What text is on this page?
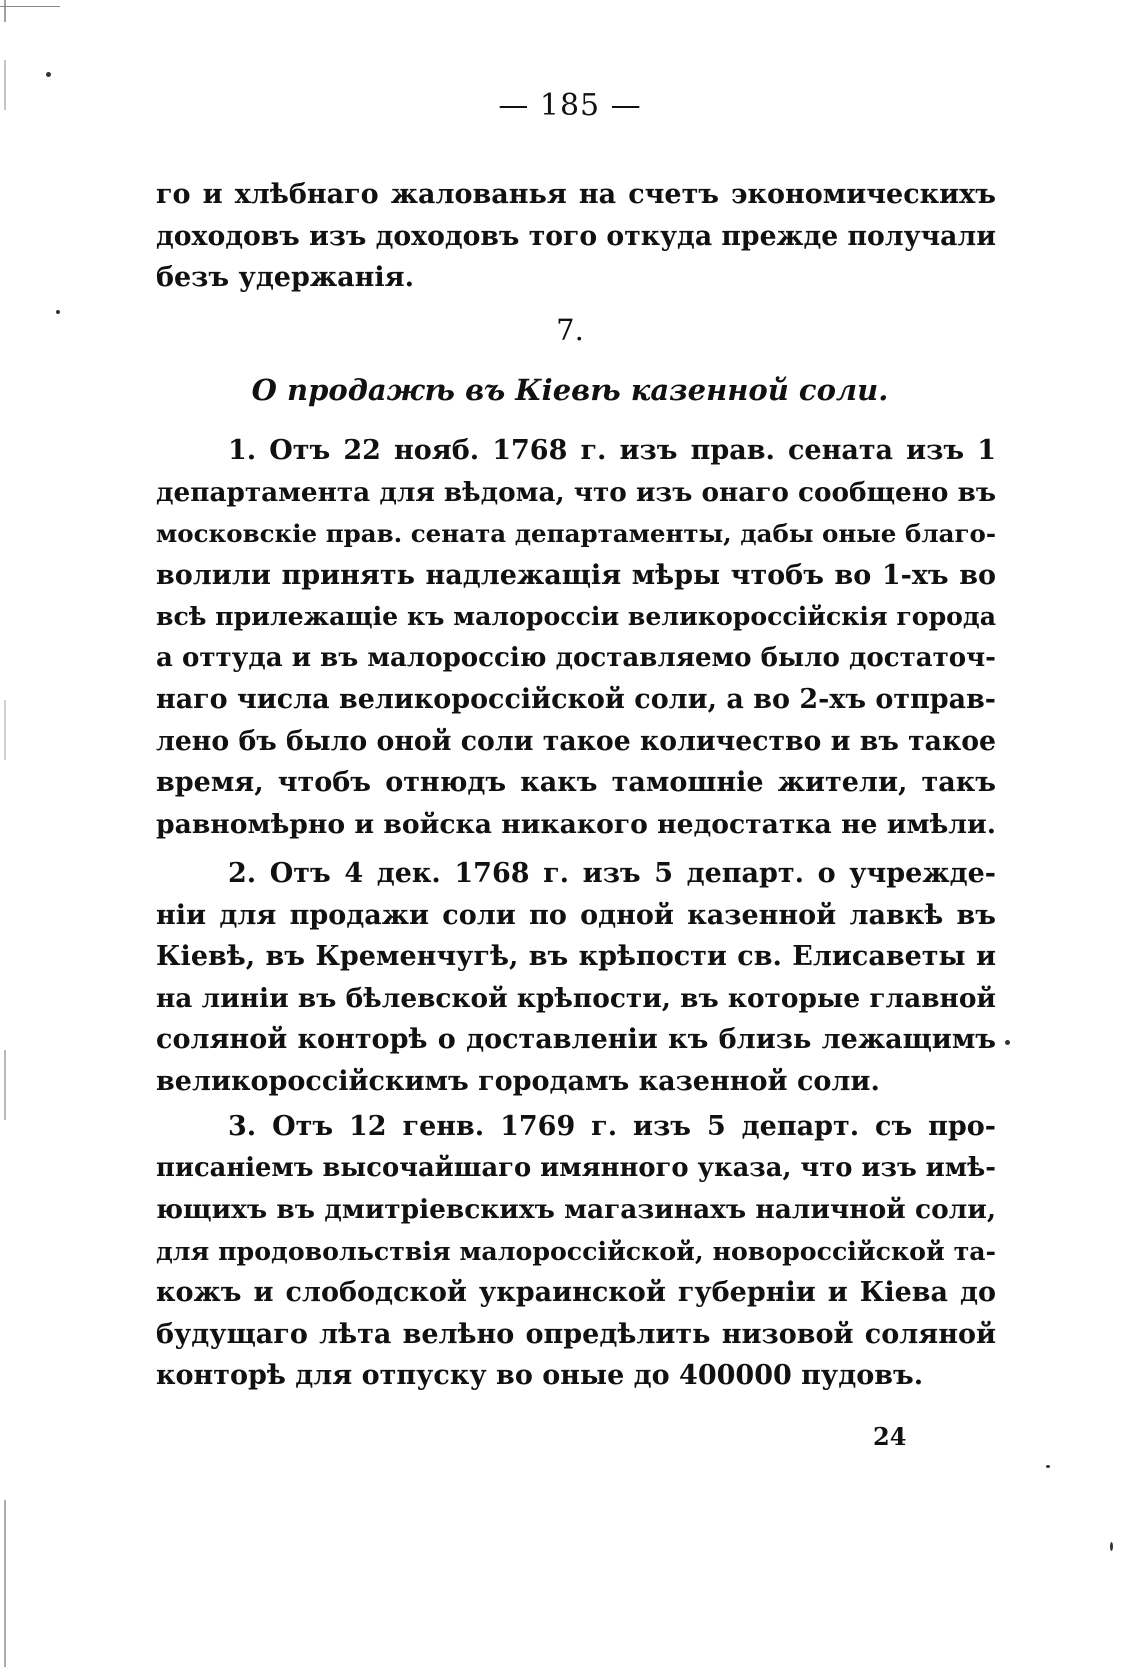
— 185 —
го и хлѣбнаго жалованья на счетъ экономическихъ
доходовъ изъ доходовъ того откуда прежде получали
безъ удержанія.
7.
О продажѣ въ Кіевѣ казенной соли.
1. Отъ 22 нояб. 1768 г. изъ прав. сената изъ 1
департамента для вѣдома, что изъ онаго сообщено въ
московскіе прав. сената департаменты, дабы оные благо-
волили принять надлежащія мѣры чтобъ во 1-хъ во
всѣ прилежащіе къ малороссіи великороссійскія города
а оттуда и въ малороссію доставляемо было достаточ-
наго числа великороссійской соли, а во 2-хъ отправ-
лено бъ было оной соли такое количество и въ такое
время, чтобъ отнюдъ какъ тамошніе жители, такъ
равномѣрно и войска никакого недостатка не имѣли.
2. Отъ 4 дек. 1768 г. изъ 5 департ. о учрежде-
ніи для продажи соли по одной казенной лавкѣ въ
Кіевѣ, въ Кременчугѣ, въ крѣпости св. Елисаветы и
на линіи въ бѣлевской крѣпости, въ которые главной
соляной конторѣ о доставленіи къ близь лежащимъ
великороссійскимъ городамъ казенной соли.
3. Отъ 12 генв. 1769 г. изъ 5 департ. съ про-
писаніемъ высочайшаго имянного указа, что изъ имѣ-
ющихъ въ дмитріевскихъ магазинахъ наличной соли,
для продовольствія малороссійской, новороссійской та-
кожъ и слободской украинской губерніи и Кіева до
будущаго лѣта велѣно опредѣлить низовой соляной
конторѣ для отпуску во оные до 400000 пудовъ.
24
